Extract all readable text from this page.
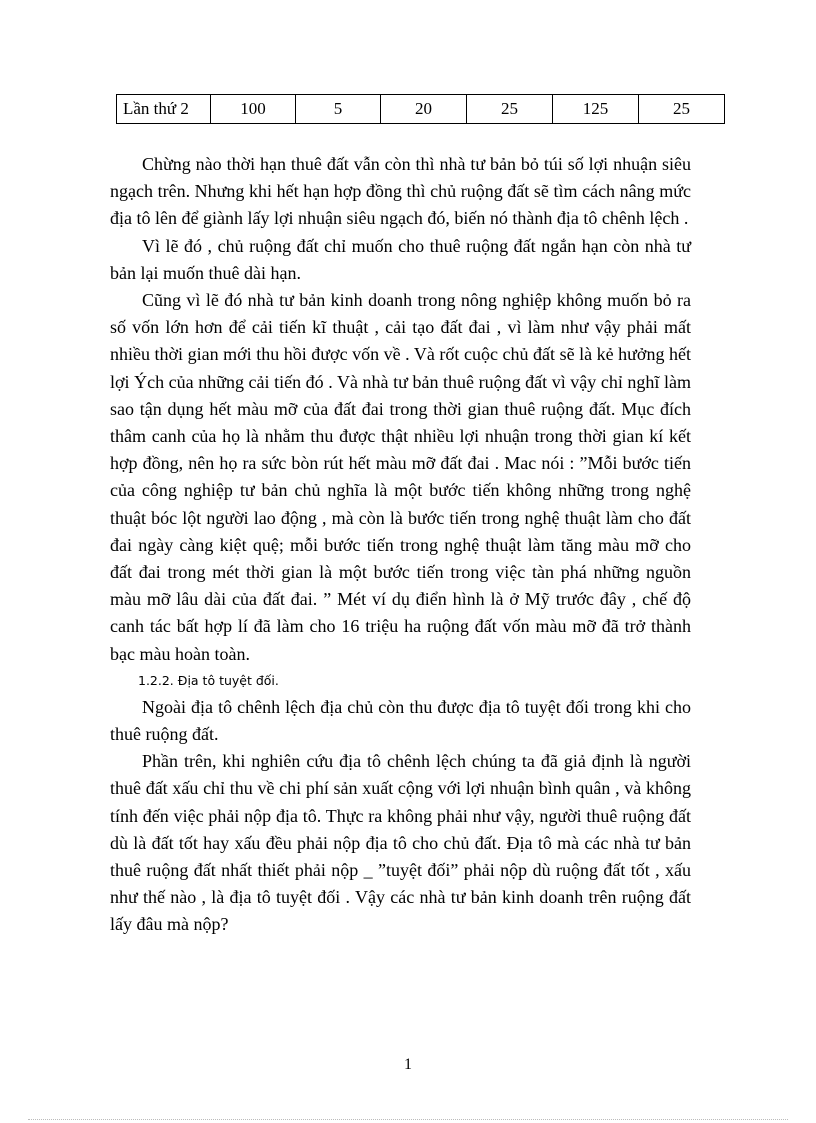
Lần thứ 2	100	5	20	25	125	25

Chừng nào thời hạn thuê đất vẫn còn thì nhà tư bản bỏ túi số lợi nhuận siêu ngạch trên. Nhưng khi hết hạn hợp đồng thì chủ ruộng đất sẽ tìm cách nâng mức địa tô lên để giành lấy lợi nhuận siêu ngạch đó, biến nó thành địa tô chênh lệch .

Vì lẽ đó , chủ ruộng đất chỉ muốn cho thuê ruộng đất ngắn hạn còn nhà tư bản lại muốn thuê dài hạn.

Cũng vì lẽ đó nhà tư bản kinh doanh trong nông nghiệp không muốn bỏ ra số vốn lớn hơn để cải tiến kĩ thuật , cải tạo đất đai , vì làm như vậy phải mất nhiều thời gian mới thu hồi được vốn về . Và rốt cuộc chủ đất sẽ là kẻ hưởng hết lợi Ých của những cải tiến đó . Và nhà tư bản thuê ruộng đất vì vậy chỉ nghĩ làm sao tận dụng hết màu mỡ của đất đai trong thời gian thuê ruộng đất. Mục đích thâm canh của họ là nhằm thu được thật nhiều lợi nhuận trong thời gian kí kết hợp đồng, nên họ ra sức bòn rút hết màu mỡ đất đai . Mac nói : ”Mỗi bước tiến của công nghiệp tư bản chủ nghĩa là một bước tiến không những trong nghệ thuật bóc lột người lao động , mà còn là bước tiến trong nghệ thuật làm cho đất đai ngày càng kiệt quệ; mỗi bước tiến trong nghệ thuật làm tăng màu mỡ cho đất đai trong mét thời gian là một bước tiến trong việc tàn phá những nguồn màu mỡ lâu dài của đất đai. ” Mét ví dụ điển hình là ở Mỹ trước đây , chế độ canh tác bất hợp lí đã làm cho 16 triệu ha ruộng đất vốn màu mỡ đã trở thành bạc màu hoàn toàn.

1.2.2. Địa tô tuyệt đối.

Ngoài địa tô chênh lệch địa chủ còn thu được địa tô tuyệt đối trong khi cho thuê ruộng đất.

Phần trên, khi nghiên cứu địa tô chênh lệch chúng ta đã giả định là người thuê đất xấu chỉ thu về chi phí sản xuất cộng với lợi nhuận bình quân , và không tính đến việc phải nộp địa tô. Thực ra không phải như vậy, người thuê ruộng đất dù là đất tốt hay xấu đều phải nộp địa tô cho chủ đất. Địa tô mà các nhà tư bản thuê ruộng đất nhất thiết phải nộp _ ”tuyệt đối” phải nộp dù ruộng đất tốt , xấu như thế nào , là địa tô tuyệt đối . Vậy các nhà tư bản kinh doanh trên ruộng đất lấy đâu mà nộp?

1
